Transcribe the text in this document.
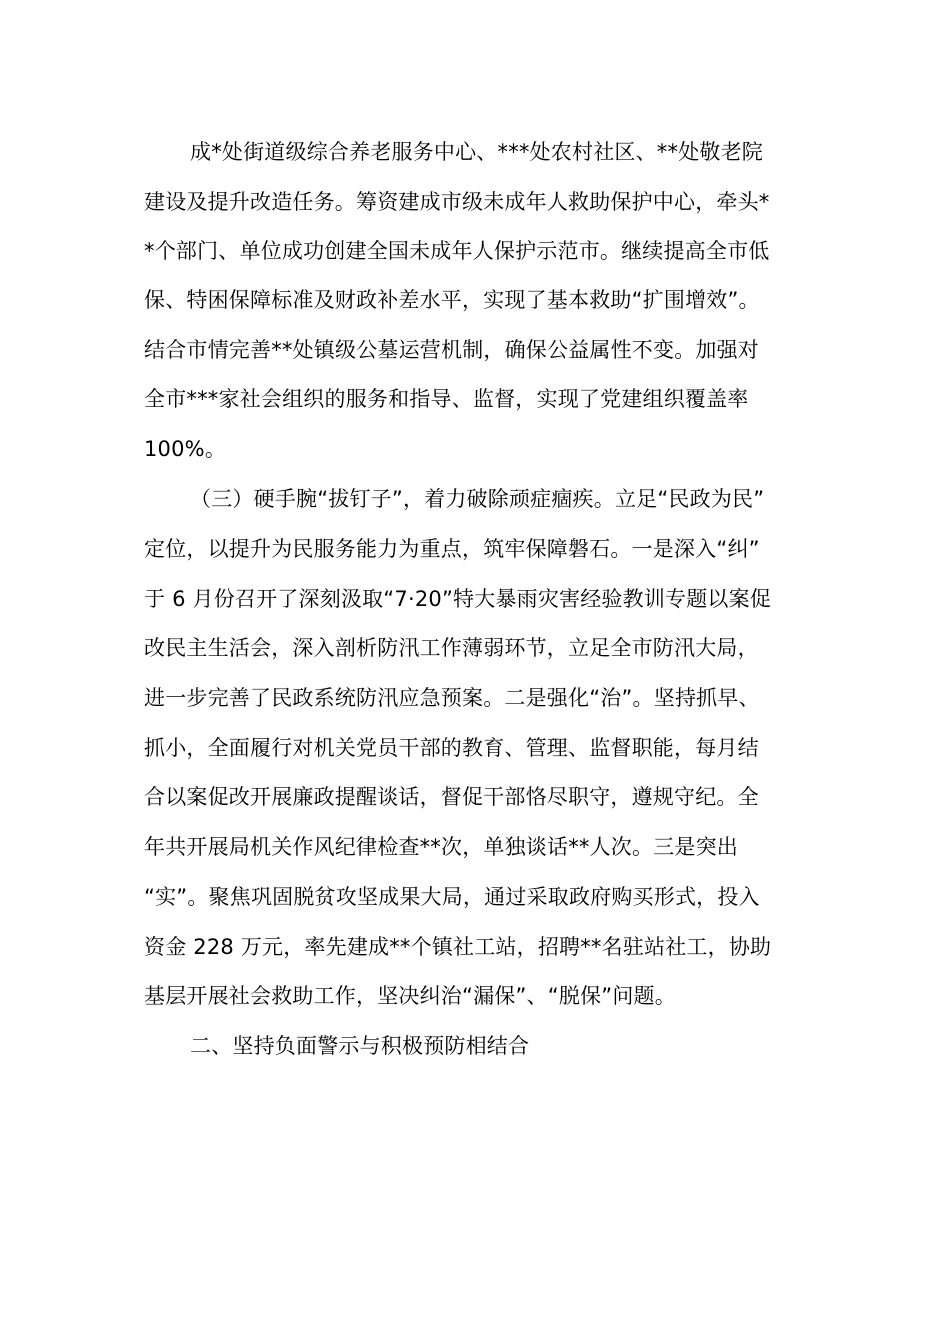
成*处街道级综合养老服务中心、***处农村社区、**处敬老院
建设及提升改造任务。筹资建成市级未成年人救助保护中心，牵头*
*个部门、单位成功创建全国未成年人保护示范市。继续提高全市低
保、特困保障标准及财政补差水平，实现了基本救助“扩围增效”。
结合市情完善**处镇级公墓运营机制，确保公益属性不变。加强对
全市***家社会组织的服务和指导、监督，实现了党建组织覆盖率
100%。
（三）硬手腕“拔钉子”，着力破除顽症痼疾。立足“民政为民”
定位，以提升为民服务能力为重点，筑牢保障磐石。一是深入“纠”
于 6 月份召开了深刻汲取“7·20”特大暴雨灾害经验教训专题以案促
改民主生活会，深入剖析防汛工作薄弱环节，立足全市防汛大局，
进一步完善了民政系统防汛应急预案。二是强化“治”。坚持抓早、
抓小，全面履行对机关党员干部的教育、管理、监督职能，每月结
合以案促改开展廉政提醒谈话，督促干部恪尽职守，遵规守纪。全
年共开展局机关作风纪律检查**次，单独谈话**人次。三是突出
“实”。聚焦巩固脱贫攻坚成果大局，通过采取政府购买形式，投入
资金 228 万元，率先建成**个镇社工站，招聘**名驻站社工，协助
基层开展社会救助工作，坚决纠治“漏保”、“脱保”问题。
二、坚持负面警示与积极预防相结合
